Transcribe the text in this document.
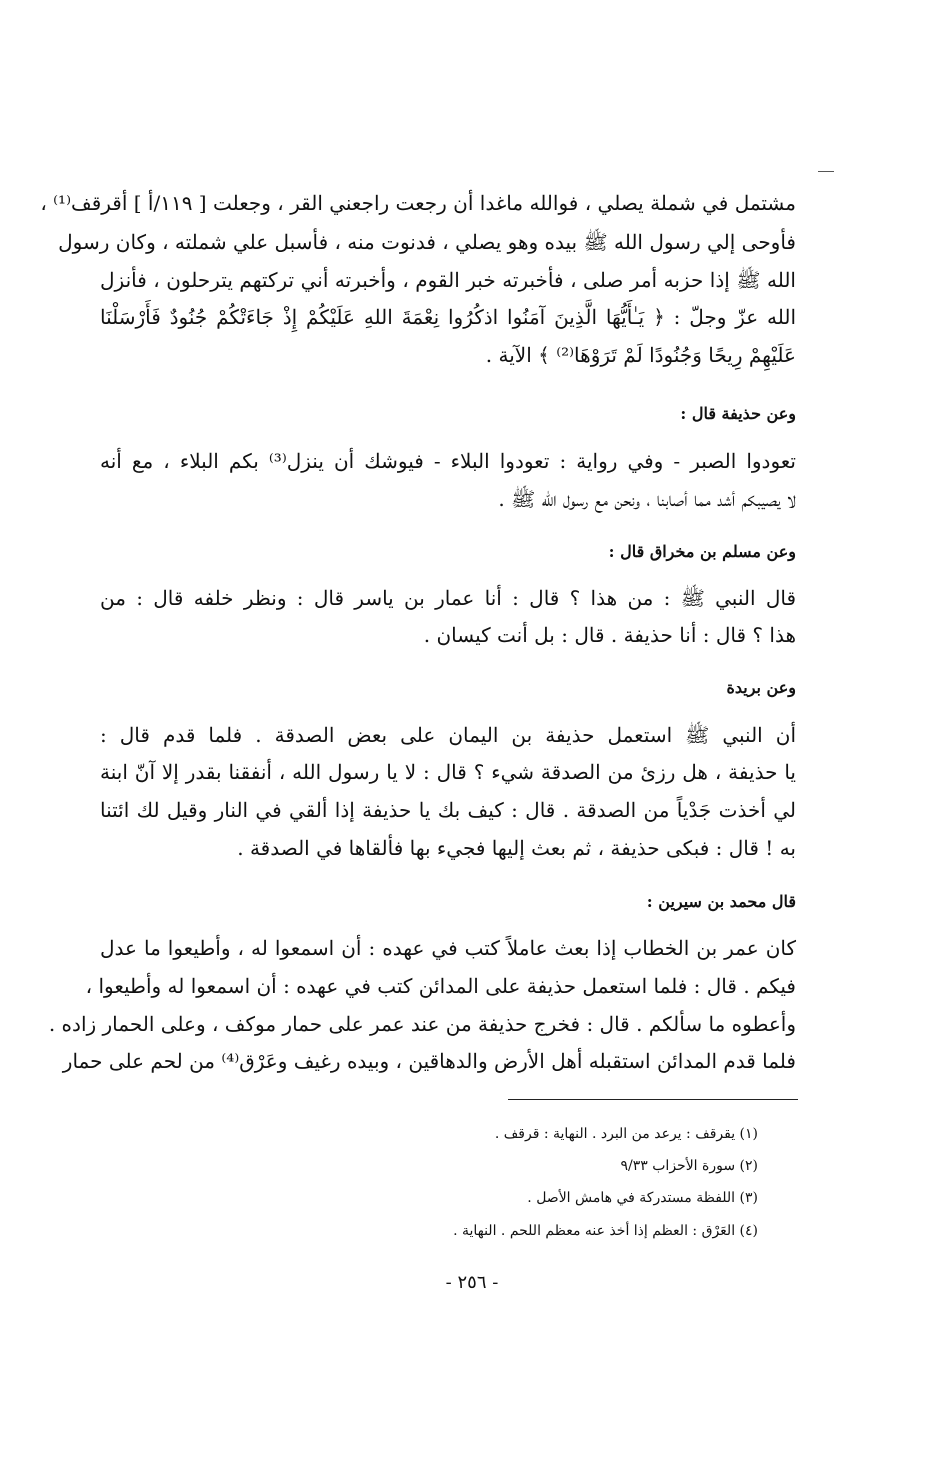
مشتمل في شملة يصلي ، فوالله ماغدا أن رجعت راجعني القر ، وجعلت [ ١١٩/أ ] أقرقف⁽¹⁾ ،
فأوحى إلي رسول الله ﷺ بيده وهو يصلي ، فدنوت منه ، فأسبل علي شملته ، وكان رسول
الله ﷺ إذا حزبه أمر صلى ، فأخبرته خبر القوم ، وأخبرته أني تركتهم يترحلون ، فأنزل
الله عزّ وجلّ : ﴿ يَـٰأَيُّهَا الَّذِينَ آمَنُوا اذكُرُوا نِعْمَةَ اللهِ عَلَيْكُمْ إِذْ جَاءَتْكُمْ جُنُودٌ فَأَرْسَلْنَا
عَلَيْهِمْ رِيحًا وَجُنُودًا لَمْ تَرَوْهَا⁽²⁾ ﴾ الآية .
وعن حذيفة قال :
تعودوا الصبر - وفي رواية : تعودوا البلاء - فيوشك أن ينزل⁽³⁾ بكم البلاء ، مع أنه
لا يصيبكم أشد مما أصابنا ، ونحن مع رسول الله ﷺ .
وعن مسلم بن مخراق قال :
قال النبي ﷺ : من هذا ؟ قال : أنا عمار بن ياسر قال : ونظر خلفه قال : من
هذا ؟ قال : أنا حذيفة . قال : بل أنت كيسان .
وعن بريدة
أن النبي ﷺ استعمل حذيفة بن اليمان على بعض الصدقة . فلما قدم قال :
يا حذيفة ، هل رزئ من الصدقة شيء ؟ قال : لا يا رسول الله ، أنفقنا بقدر إلا آنّ ابنة
لي أخذت جَدْياً من الصدقة . قال : كيف بك يا حذيفة إذا ألقي في النار وقيل لك ائتنا
به ! قال : فبكى حذيفة ، ثم بعث إليها فجيء بها فألقاها في الصدقة .
قال محمد بن سيرين :
كان عمر بن الخطاب إذا بعث عاملاً كتب في عهده : أن اسمعوا له ، وأطيعوا ما عدل
فيكم . قال : فلما استعمل حذيفة على المدائن كتب في عهده : أن اسمعوا له وأطيعوا ،
وأعطوه ما سألكم . قال : فخرج حذيفة من عند عمر على حمار موكف ، وعلى الحمار زاده .
فلما قدم المدائن استقبله أهل الأرض والدهاقين ، وبيده رغيف وعَرْق⁽⁴⁾ من لحم على حمار
(١) يقرقف : يرعد من البرد . النهاية : قرقف .
(٢) سورة الأحزاب ٩/٣٣
(٣) اللفظة مستدركة في هامش الأصل .
(٤) العَرْق : العظم إذا أخذ عنه معظم اللحم . النهاية .
- ٢٥٦ -
